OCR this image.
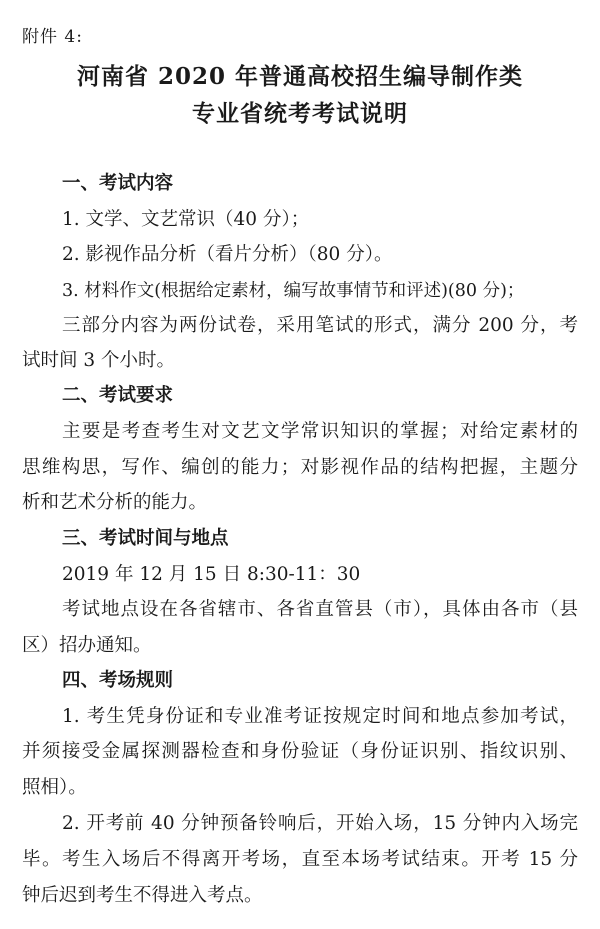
附件 4:
河南省 2020 年普通高校招生编导制作类
专业省统考考试说明
一、考试内容
1. 文学、文艺常识（40 分）；
2. 影视作品分析（看片分析）（80 分）。
3. 材料作文(根据给定素材，编写故事情节和评述)(80 分)；
三部分内容为两份试卷，采用笔试的形式，满分 200 分，考
试时间 3 个小时。
二、考试要求
主要是考查考生对文艺文学常识知识的掌握；对给定素材的
思维构思，写作、编创的能力；对影视作品的结构把握，主题分
析和艺术分析的能力。
三、考试时间与地点
2019 年 12 月 15 日 8:30-11：30
考试地点设在各省辖市、各省直管县（市），具体由各市（县
区）招办通知。
四、考场规则
1. 考生凭身份证和专业准考证按规定时间和地点参加考试，
并须接受金属探测器检查和身份验证（身份证识别、指纹识别、
照相）。
2. 开考前 40 分钟预备铃响后，开始入场，15 分钟内入场完
毕。考生入场后不得离开考场，直至本场考试结束。开考 15 分
钟后迟到考生不得进入考点。
